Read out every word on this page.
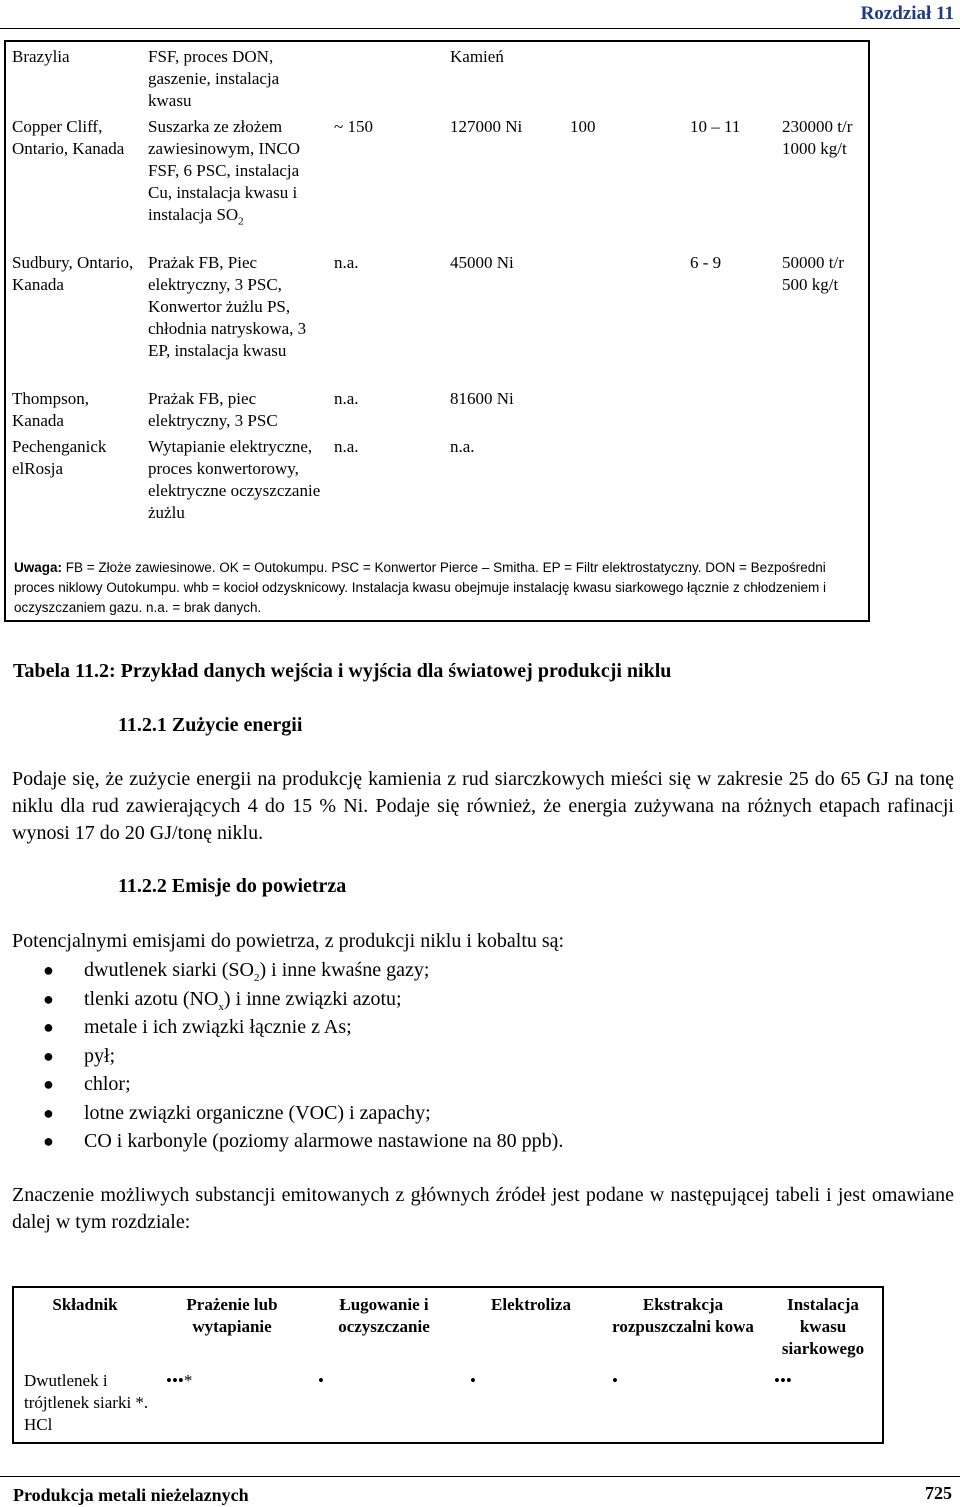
Rozdział 11
Brazylia	FSF, proces DON, gaszenie, instalacja kwasu		Kamień			
Copper Cliff, Ontario, Kanada	Suszarka ze złożem zawiesinowym, INCO FSF, 6 PSC, instalacja Cu, instalacja kwasu i instalacja $SO_2$	~ 150	127000 Ni	100	10 – 11	230000 t/r 1000 kg/t
Sudbury, Ontario, Kanada	Prażak FB, Piec elektryczny, 3 PSC, Konwertor żużlu PS, chłodnia natryskowa, 3 EP, instalacja kwasu	n.a.	45000 Ni		6 - 9	50000 t/r 500 kg/t
Thompson, Kanada	Prażak FB, piec elektryczny, 3 PSC	n.a.	81600 Ni			
Pechenganick elRosja	Wytapianie elektryczne, proces konwertorowy, elektryczne oczyszczanie żużlu	n.a.	n.a.			
Uwaga: FB = Złoże zawiesinowe. OK = Outokumpu. PSC = Konwertor Pierce – Smitha. EP = Filtr elektrostatyczny. DON = Bezpośredni proces niklowy Outokumpu. whb = kocioł odzysknicowy. Instalacja kwasu obejmuje instalację kwasu siarkowego łącznie z chłodzeniem i oczyszczaniem gazu. n.a. = brak danych.						
Tabela 11.2: Przykład danych wejścia i wyjścia dla światowej produkcji niklu
11.2.1 Zużycie energii
Podaje się, że zużycie energii na produkcję kamienia z rud siarczkowych mieści się w zakresie 25 do 65 GJ na tonę niklu dla rud zawierających 4 do 15 % Ni. Podaje się również, że energia zużywana na różnych etapach rafinacji wynosi 17 do 20 GJ/tonę niklu.
11.2.2 Emisje do powietrza
Potencjalnymi emisjami do powietrza, z produkcji niklu i kobaltu są:
● dwutlenek siarki $(SO_2)$ i inne kwaśne gazy;
● tlenki azotu $(NO_x)$ i inne związki azotu;
● metale i ich związki łącznie z As;
● pył;
● chlor;
● lotne związki organiczne (VOC) i zapachy;
● CO i karbonyle (poziomy alarmowe nastawione na 80 ppb).
Znaczenie możliwych substancji emitowanych z głównych źródeł jest podane w następującej tabeli i jest omawiane dalej w tym rozdziale:
Składnik	Prażenie lub wytapianie	Ługowanie i oczyszczanie	Elektroliza	Ekstrakcja rozpuszczalni kowa	Instalacja kwasu siarkowego
Dwutlenek i trójtlenek siarki *. HCl	•••*	•	•	•	•••
Produkcja metali nieżelaznych	725
